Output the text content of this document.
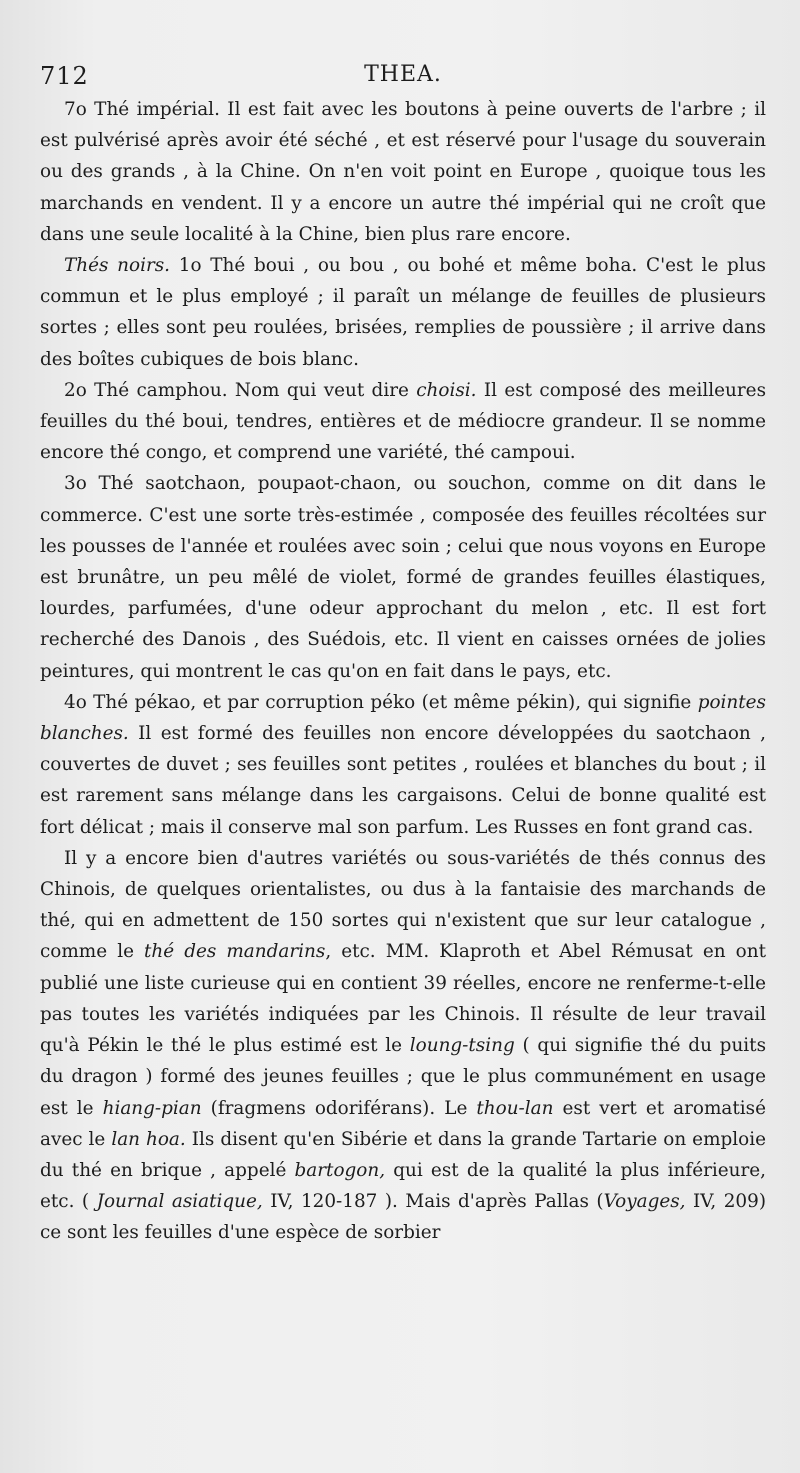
712	THEA.

7o Thé impérial. Il est fait avec les boutons à peine ouverts de l'arbre ; il est pulvérisé après avoir été séché , et est réservé pour l'usage du souverain ou des grands , à la Chine. On n'en voit point en Europe , quoique tous les marchands en vendent. Il y a encore un autre thé impérial qui ne croît que dans une seule localité à la Chine, bien plus rare encore.

Thés noirs. 1o Thé boui , ou bou , ou bohé et même boha. C'est le plus commun et le plus employé ; il paraît un mélange de feuilles de plusieurs sortes ; elles sont peu roulées, brisées, remplies de poussière ; il arrive dans des boîtes cubiques de bois blanc.

2o Thé camphou. Nom qui veut dire choisi. Il est composé des meilleures feuilles du thé boui, tendres, entières et de médiocre grandeur. Il se nomme encore thé congo, et comprend une variété, thé campoui.

3o Thé saotchaon, poupaot-chaon, ou souchon, comme on dit dans le commerce. C'est une sorte très-estimée , composée des feuilles récoltées sur les pousses de l'année et roulées avec soin ; celui que nous voyons en Europe est brunâtre, un peu mêlé de violet, formé de grandes feuilles élastiques, lourdes, parfumées, d'une odeur approchant du melon , etc. Il est fort recherché des Danois , des Suédois, etc. Il vient en caisses ornées de jolies peintures, qui montrent le cas qu'on en fait dans le pays, etc.

4o Thé pékao, et par corruption péko (et même pékin), qui signifie pointes blanches. Il est formé des feuilles non encore développées du saotchaon , couvertes de duvet ; ses feuilles sont petites , roulées et blanches du bout ; il est rarement sans mélange dans les cargaisons. Celui de bonne qualité est fort délicat ; mais il conserve mal son parfum. Les Russes en font grand cas.

Il y a encore bien d'autres variétés ou sous-variétés de thés connus des Chinois, de quelques orientalistes, ou dus à la fantaisie des marchands de thé, qui en admettent de 150 sortes qui n'existent que sur leur catalogue , comme le thé des mandarins, etc. MM. Klaproth et Abel Rémusat en ont publié une liste curieuse qui en contient 39 réelles, encore ne renferme-t-elle pas toutes les variétés indiquées par les Chinois. Il résulte de leur travail qu'à Pékin le thé le plus estimé est le loung-tsing ( qui signifie thé du puits du dragon ) formé des jeunes feuilles ; que le plus communément en usage est le hiang-pian (fragmens odoriférans). Le thou-lan est vert et aromatisé avec le lan hoa. Ils disent qu'en Sibérie et dans la grande Tartarie on emploie du thé en brique , appelé bartogon, qui est de la qualité la plus inférieure, etc. ( Journal asiatique, IV, 120-187 ). Mais d'après Pallas (Voyages, IV, 209) ce sont les feuilles d'une espèce de sorbier
